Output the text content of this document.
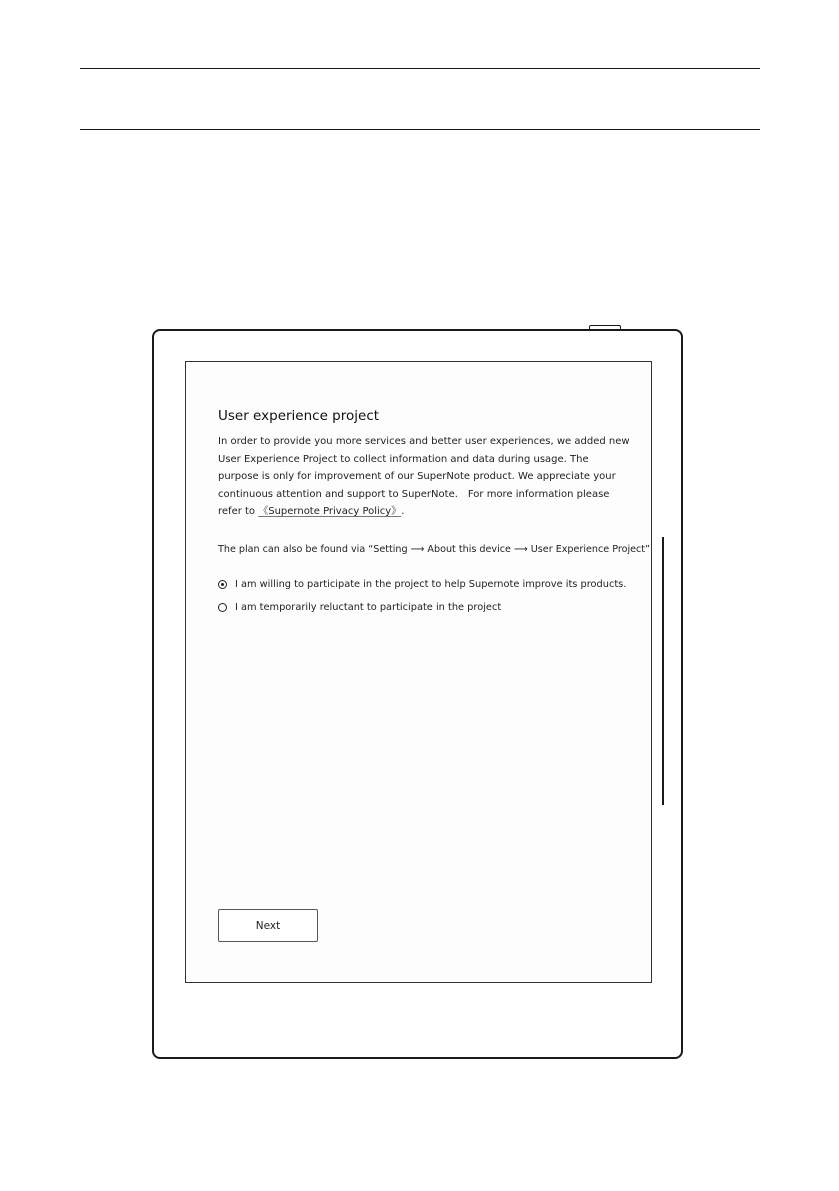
User experience project

In order to provide you more services and better user experiences, we added new User Experience Project to collect information and data during usage. The purpose is only for improvement of our SuperNote product. We appreciate your continuous attention and support to SuperNote.　For more information please refer to 《Supernote Privacy Policy》.

The plan can also be found via “Setting ⟶ About this device ⟶ User Experience Project”

I am willing to participate in the project to help Supernote improve its products.
I am temporarily reluctant to participate in the project
Next
